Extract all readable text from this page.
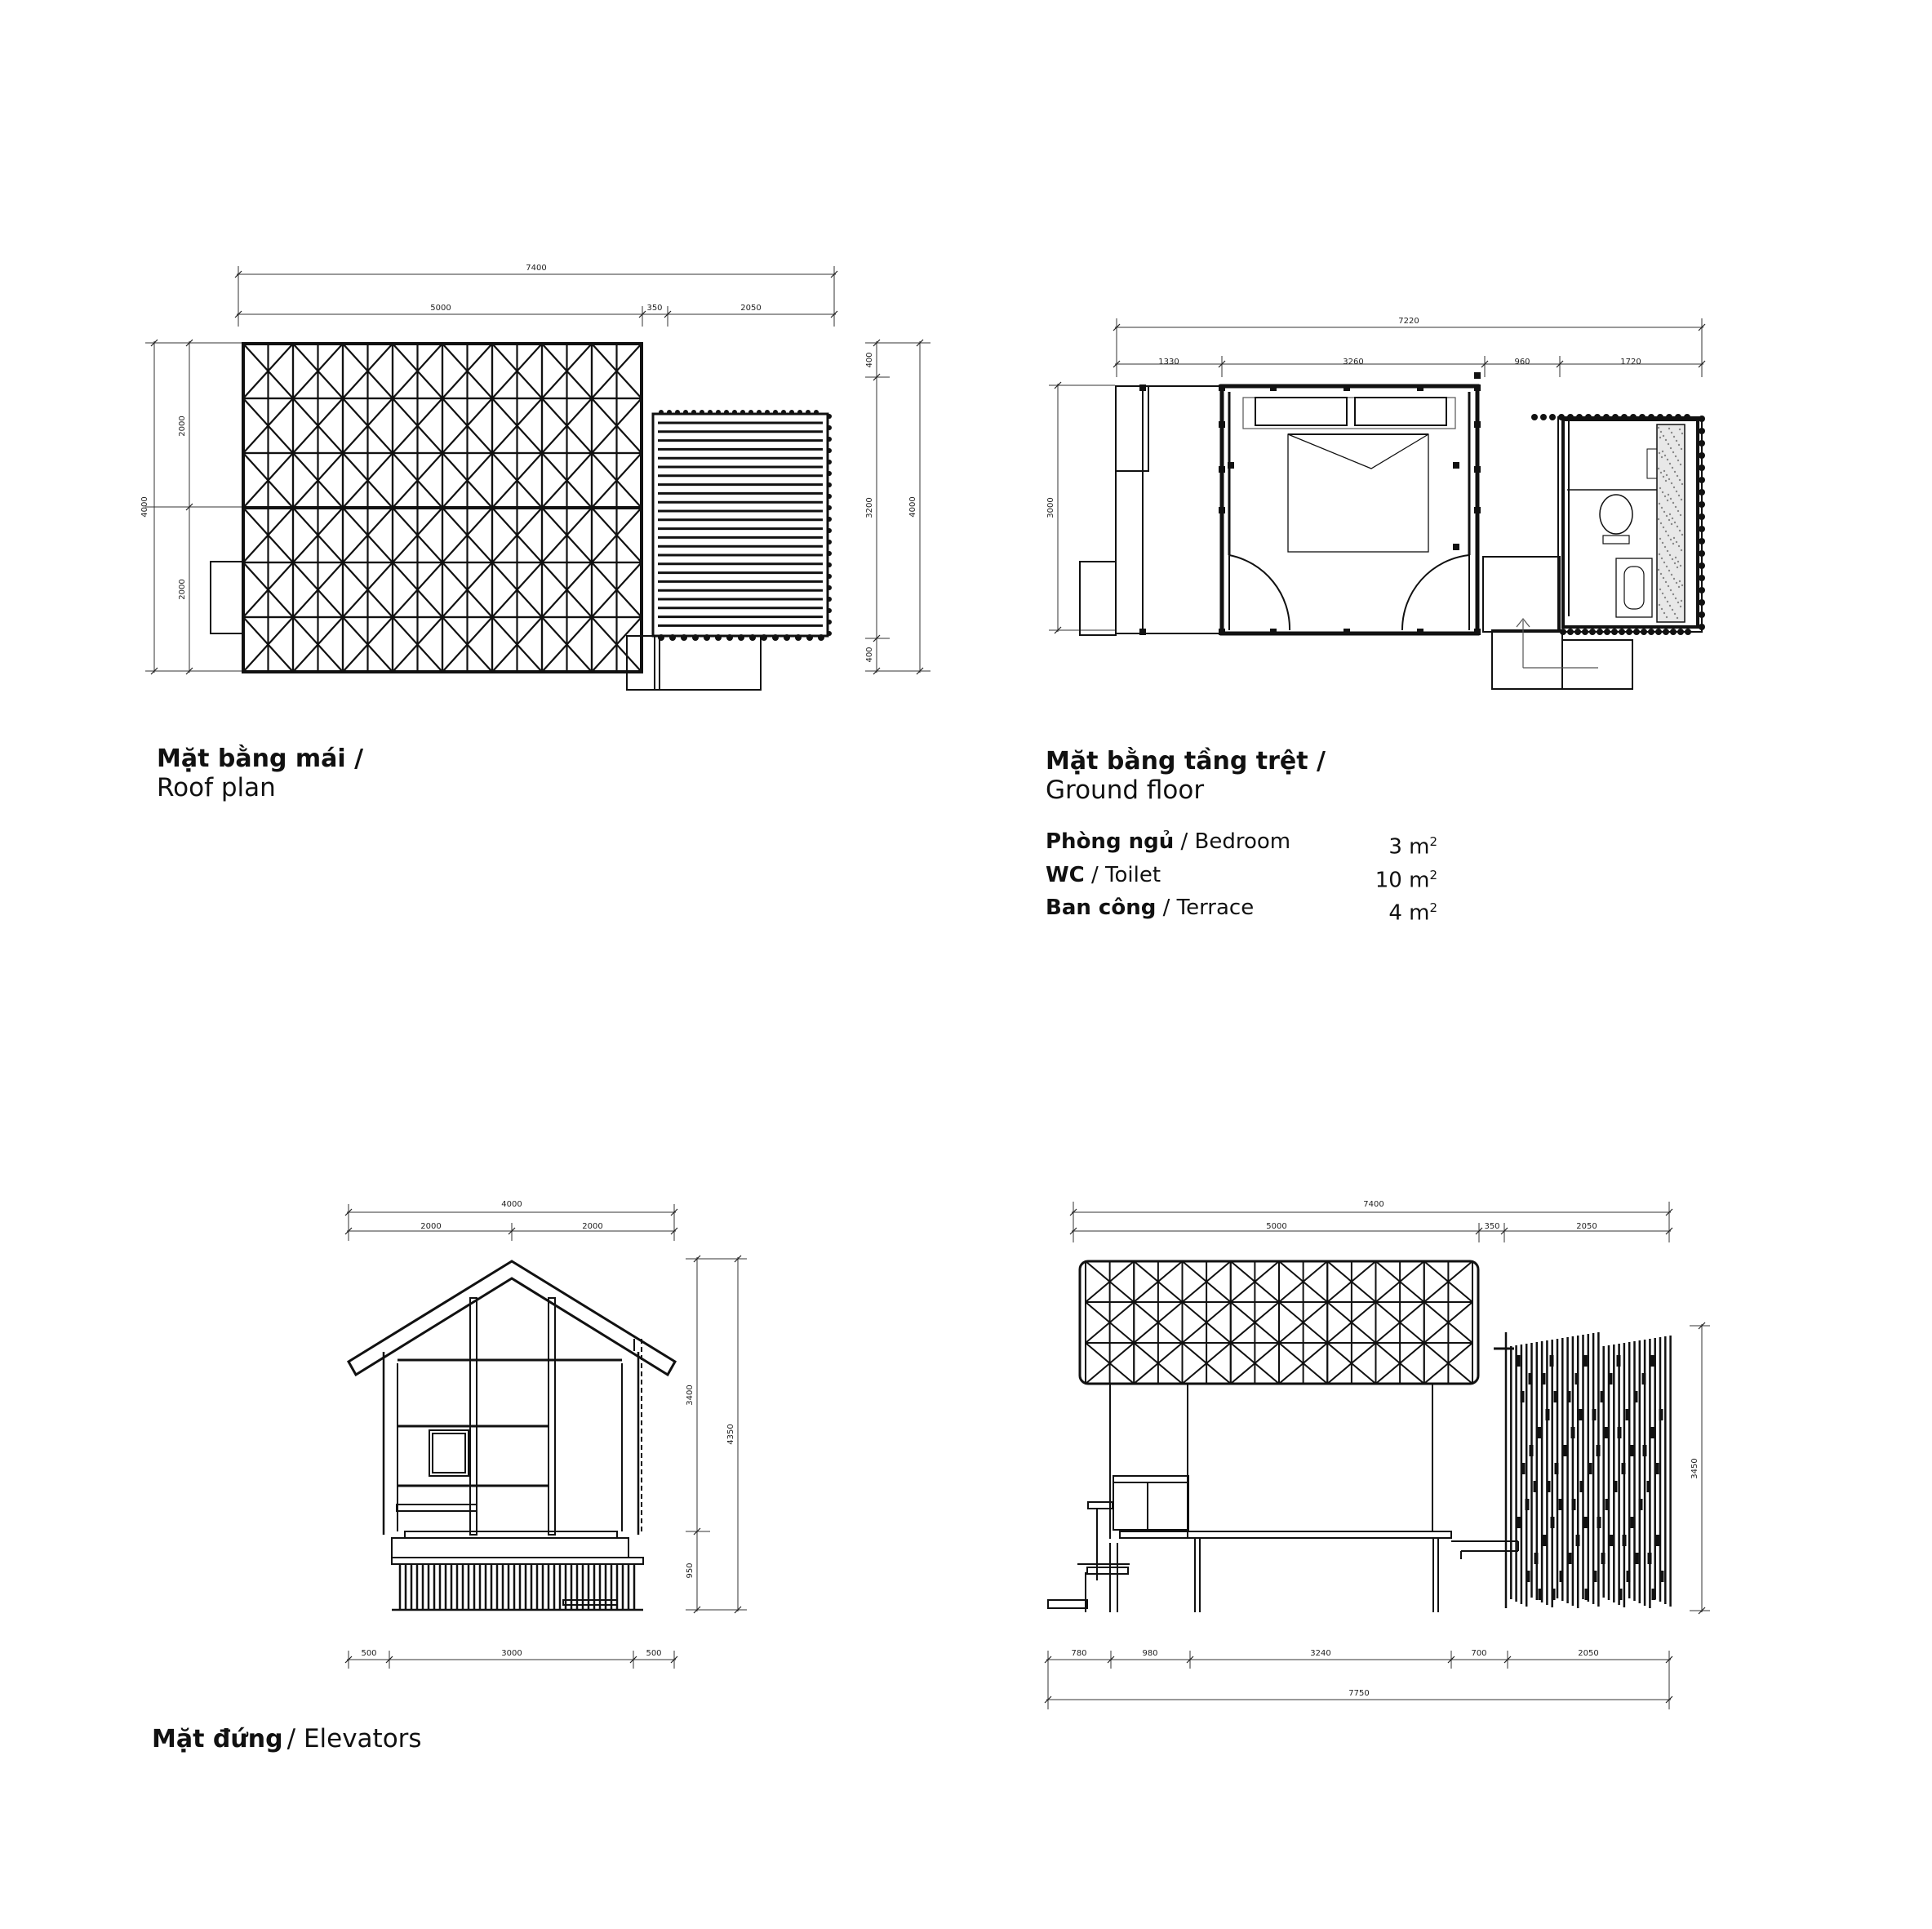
7400
5000	350	2050
4000
2000
2000
400
3200
400
4000
7220
1330	3260	960	1720
3000
4000
2000	2000
3400
950
4350
500	3000	500
7400
5000	350	2050
3450
780	980	3240	700	2050
7750
Mặt bằng mái /
Roof plan
Mặt bằng tầng trệt /
Ground floor
Phòng ngủ / Bedroom	3 $m^2$
WC / Toilet	10 $m^2$
Ban công / Terrace	4 $m^2$
Mặt đứng / Elevators
